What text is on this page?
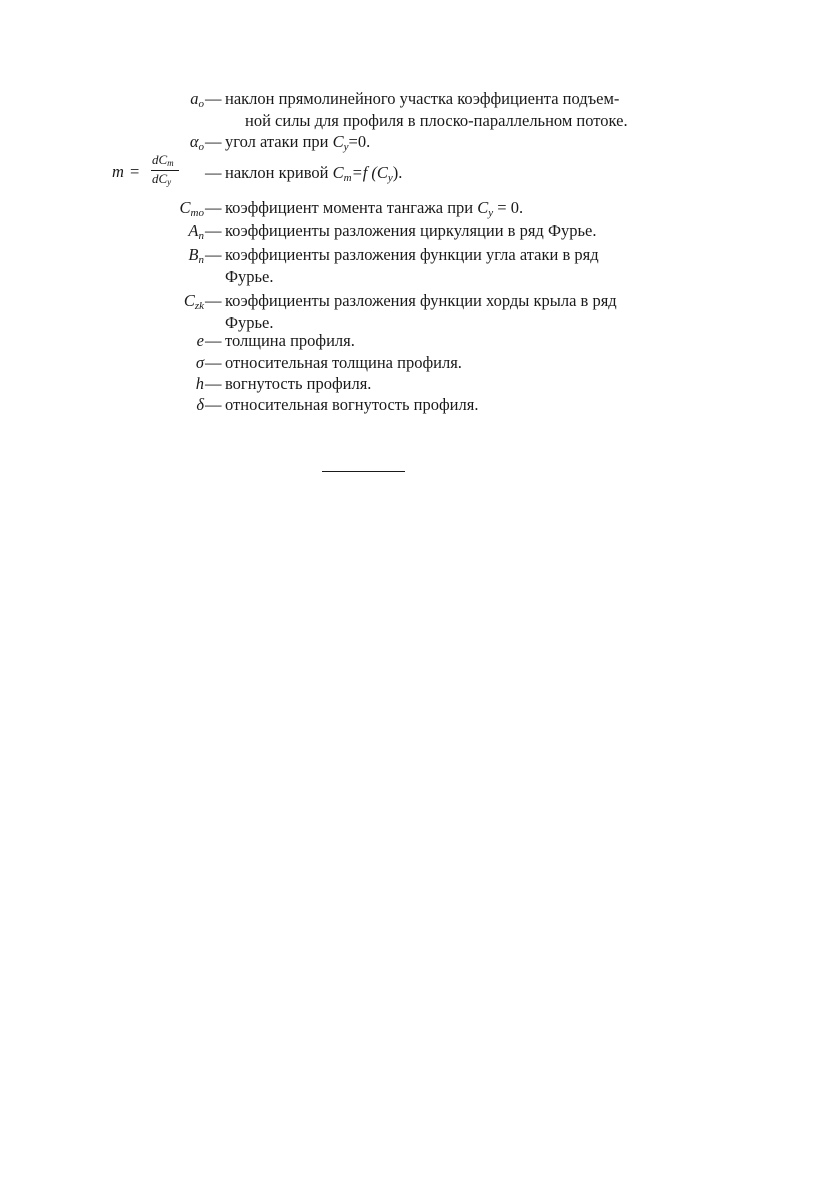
$a_o$ — наклон прямолинейного участка коэффициента подъем-
ной силы для профиля в плоско-параллельном потоке.
$\alpha_o$ — угол атаки при $C_y=0$.
m =
$dC_m$
$dC_y$ — наклон кривой $C_m=f$ $(C_y)$.
$C_{mo}$ — коэффициент момента тангажа при $C_y = 0$.
$A_n$ — коэффициенты разложения циркуляции в ряд Фурье.
$B_n$ — коэффициенты разложения функции угла атаки в ряд
Фурье.
$C_{zk}$ — коэффициенты разложения функции хорды крыла в ряд
Фурье.
e — толщина профиля.
σ — относительная толщина профиля.
h — вогнутость профиля.
δ — относительная вогнутость профиля.
